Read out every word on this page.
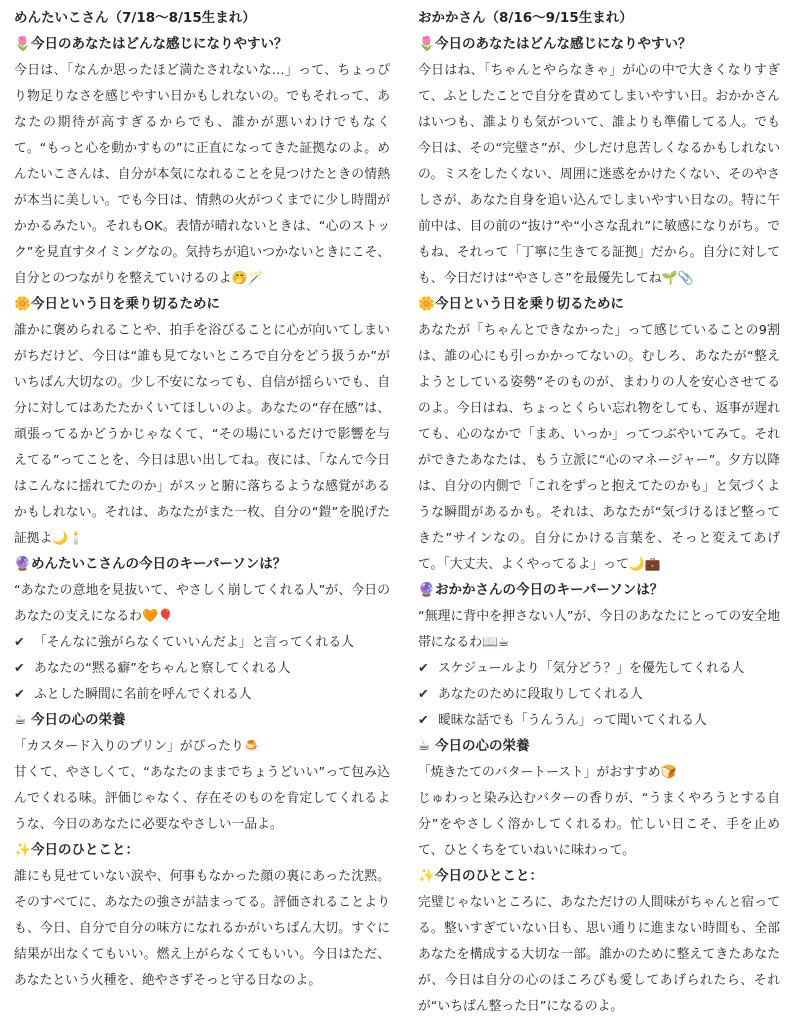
めんたいこさん（7/18〜8/15生まれ）
🌷今日のあなたはどんな感じになりやすい？

今日は、「なんか思ったほど満たされないな…」って、ちょっぴり物足りなさを感じやすい日かもしれないの。でもそれって、あなたの期待が高すぎるからでも、誰かが悪いわけでもなくて。“もっと心を動かすもの”に正直になってきた証拠なのよ。めんたいこさんは、自分が本気になれることを見つけたときの情熱が本当に美しい。でも今日は、情熱の火がつくまでに少し時間がかかるみたい。それもOK。表情が晴れないときは、“心のストック”を見直すタイミングなの。気持ちが追いつかないときにこそ、自分とのつながりを整えていけるのよ🤭🪄

🌼今日という日を乗り切るために

誰かに褒められることや、拍手を浴びることに心が向いてしまいがちだけど、今日は“誰も見てないところで自分をどう扱うか”がいちばん大切なの。少し不安になっても、自信が揺らいでも、自分に対してはあたたかくいてほしいのよ。あなたの“存在感”は、頑張ってるかどうかじゃなくて、“その場にいるだけで影響を与えてる”ってことを、今日は思い出してね。夜には、「なんで今日はこんなに揺れてたのか」がスッと腑に落ちるような感覚があるかもしれない。それは、あなたがまた一枚、自分の“鎧”を脱げた証拠よ🌙🕯️

🔮めんたいこさんの今日のキーパーソンは？

“あなたの意地を見抜いて、やさしく崩してくれる人”が、今日のあなたの支えになるわ🧡🎈

✔ 「そんなに強がらなくていいんだよ」と言ってくれる人
✔ あなたの“黙る癖”をちゃんと察してくれる人
✔ ふとした瞬間に名前を呼んでくれる人
☕ 今日の心の栄養

「カスタード入りのプリン」がぴったり🍮

甘くて、やさしくて、“あなたのままでちょうどいい”って包み込んでくれる味。評価じゃなく、存在そのものを肯定してくれるような、今日のあなたに必要なやさしい一品よ。

✨今日のひとこと：

誰にも見せていない涙や、何事もなかった顔の裏にあった沈黙。そのすべてに、あなたの強さが詰まってる。評価されることよりも、今日、自分で自分の味方になれるかがいちばん大切。すぐに結果が出なくてもいい。燃え上がらなくてもいい。今日はただ、あなたという火種を、絶やさずそっと守る日なのよ。

おかかさん（8/16〜9/15生まれ）
🌷今日のあなたはどんな感じになりやすい？

今日はね、「ちゃんとやらなきゃ」が心の中で大きくなりすぎて、ふとしたことで自分を責めてしまいやすい日。おかかさんはいつも、誰よりも気がついて、誰よりも準備してる人。でも今日は、その“完璧さ”が、少しだけ息苦しくなるかもしれないの。ミスをしたくない、周囲に迷惑をかけたくない、そのやさしさが、あなた自身を追い込んでしまいやすい日なの。特に午前中は、目の前の“抜け”や“小さな乱れ”に敏感になりがち。でもね、それって「丁寧に生きてる証拠」だから。自分に対しても、今日だけは“やさしさ”を最優先してね🌱📎

🌼今日という日を乗り切るために

あなたが「ちゃんとできなかった」って感じていることの9割は、誰の心にも引っかかってないの。むしろ、あなたが“整えようとしている姿勢”そのものが、まわりの人を安心させてるのよ。今日はね、ちょっとくらい忘れ物をしても、返事が遅れても、心のなかで「まあ、いっか」ってつぶやいてみて。それができたあなたは、もう立派に“心のマネージャー”。夕方以降は、自分の内側で「これをずっと抱えてたのかも」と気づくような瞬間があるかも。それは、あなたが“気づけるほど整ってきた”サインなの。自分にかける言葉を、そっと変えてあげて。「大丈夫、よくやってるよ」って🌙💼

🔮おかかさんの今日のキーパーソンは？

“無理に背中を押さない人”が、今日のあなたにとっての安全地帯になるわ📖☕

✔ スケジュールより「気分どう？」を優先してくれる人
✔ あなたのために段取りしてくれる人
✔ 曖昧な話でも「うんうん」って聞いてくれる人
☕ 今日の心の栄養

「焼きたてのバタートースト」がおすすめ🍞

じゅわっと染み込むバターの香りが、“うまくやろうとする自分”をやさしく溶かしてくれるわ。忙しい日こそ、手を止めて、ひとくちをていねいに味わって。

✨今日のひとこと：

完璧じゃないところに、あなただけの人間味がちゃんと宿ってる。整いすぎていない日も、思い通りに進まない時間も、全部あなたを構成する大切な一部。誰かのために整えてきたあなたが、今日は自分の心のほころびも愛してあげられたら、それが“いちばん整った日”になるのよ。
